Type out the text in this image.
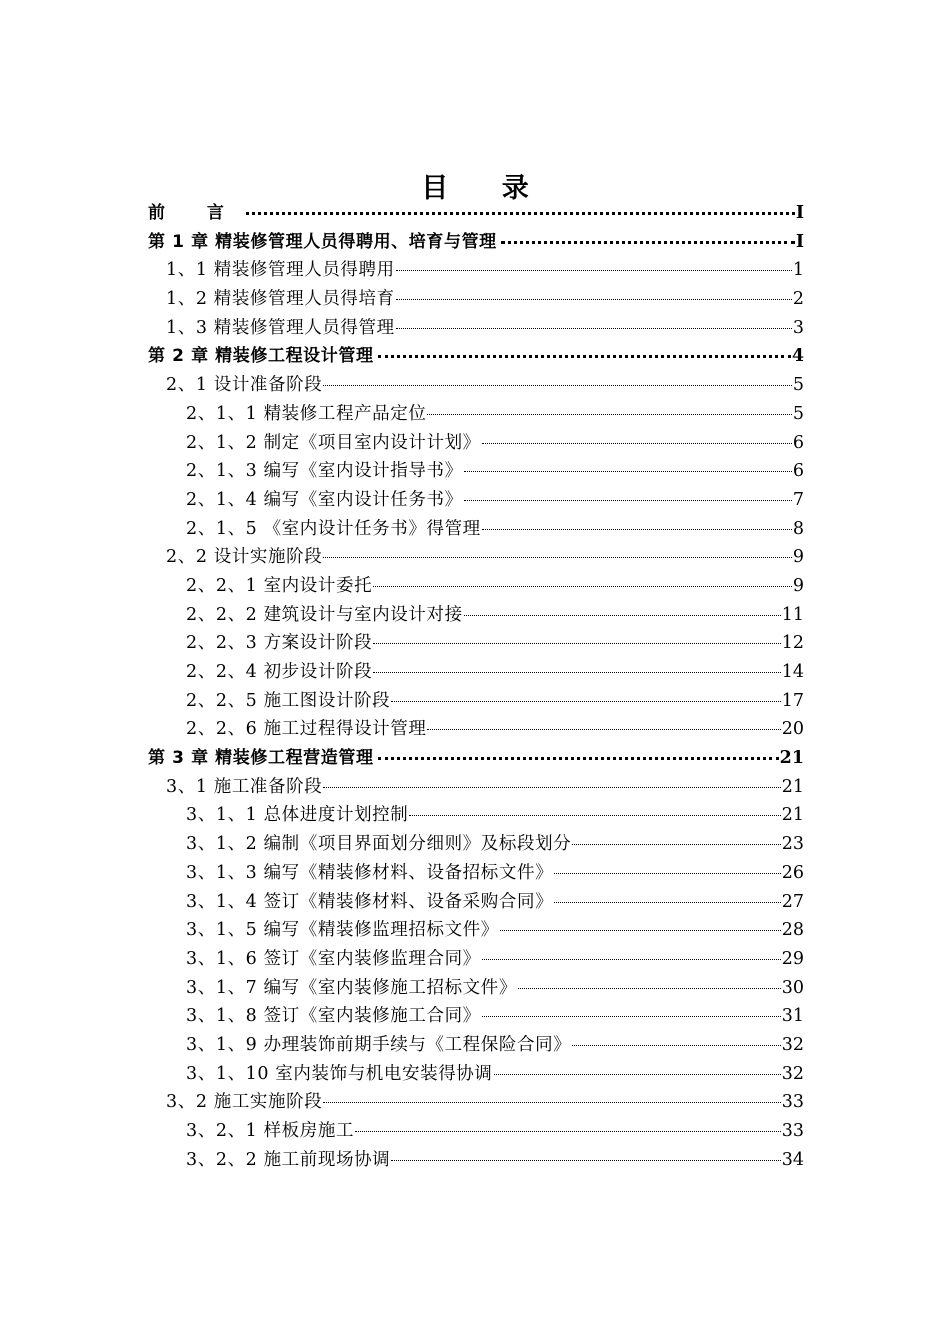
目 录
前 言	I
第 1 章 精装修管理人员得聘用、培育与管理	I
1、1 精装修管理人员得聘用	1
1、2 精装修管理人员得培育	2
1、3 精装修管理人员得管理	3
第 2 章 精装修工程设计管理	4
2、1 设计准备阶段	5
2、1、1 精装修工程产品定位	5
2、1、2 制定《项目室内设计计划》	6
2、1、3 编写《室内设计指导书》	6
2、1、4 编写《室内设计任务书》	7
2、1、5 《室内设计任务书》得管理	8
2、2 设计实施阶段	9
2、2、1 室内设计委托	9
2、2、2 建筑设计与室内设计对接	11
2、2、3 方案设计阶段	12
2、2、4 初步设计阶段	14
2、2、5 施工图设计阶段	17
2、2、6 施工过程得设计管理	20
第 3 章 精装修工程营造管理	21
3、1 施工准备阶段	21
3、1、1 总体进度计划控制	21
3、1、2 编制《项目界面划分细则》及标段划分	23
3、1、3 编写《精装修材料、设备招标文件》	26
3、1、4 签订《精装修材料、设备采购合同》	27
3、1、5 编写《精装修监理招标文件》	28
3、1、6 签订《室内装修监理合同》	29
3、1、7 编写《室内装修施工招标文件》	30
3、1、8 签订《室内装修施工合同》	31
3、1、9 办理装饰前期手续与《工程保险合同》	32
3、1、10 室内装饰与机电安装得协调	32
3、2 施工实施阶段	33
3、2、1 样板房施工	33
3、2、2 施工前现场协调	34
